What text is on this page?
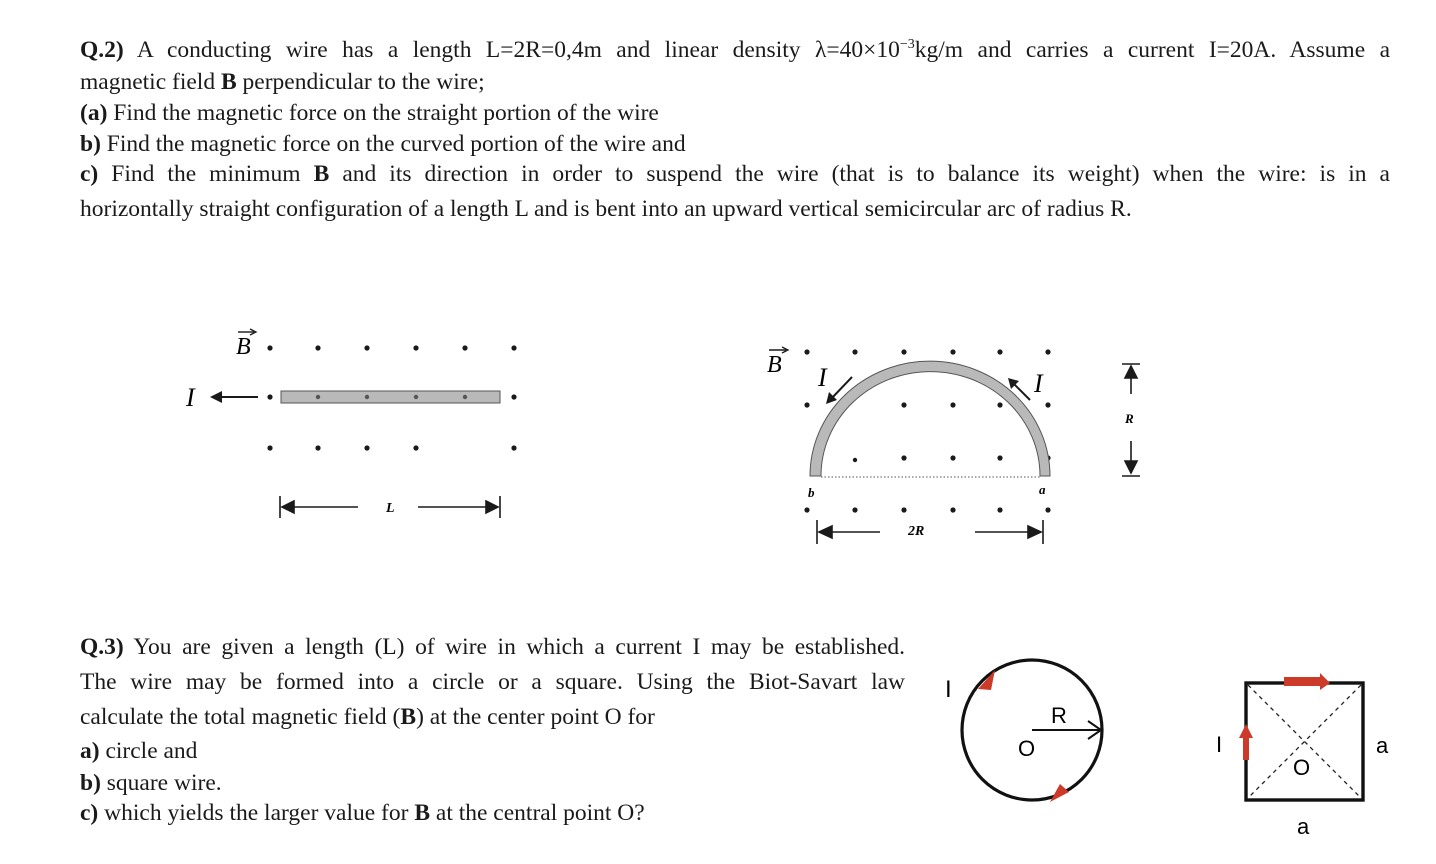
Q.2) A conducting wire has a length L=2R=0,4m and linear density $\lambda=40\times 10^{-3}kg/m$ and carries a current I=20A. Assume a
magnetic field B perpendicular to the wire;
(a) Find the magnetic force on the straight portion of the wire
b) Find the magnetic force on the curved portion of the wire and
c) Find the minimum B and its direction in order to suspend the wire (that is to balance its weight) when the wire: is in a
horizontally straight configuration of a length L and is bent into an upward vertical semicircular arc of radius R.
B
I
L
B I	I
b	a
2R
R
I
R
O	I
O
a
a
Q.3) You are given a length (L) of wire in which a current I may be established.
The wire may be formed into a circle or a square. Using the Biot-Savart law
calculate the total magnetic field (B) at the center point O for
a) circle and
b) square wire.
c) which yields the larger value for B at the central point O?
